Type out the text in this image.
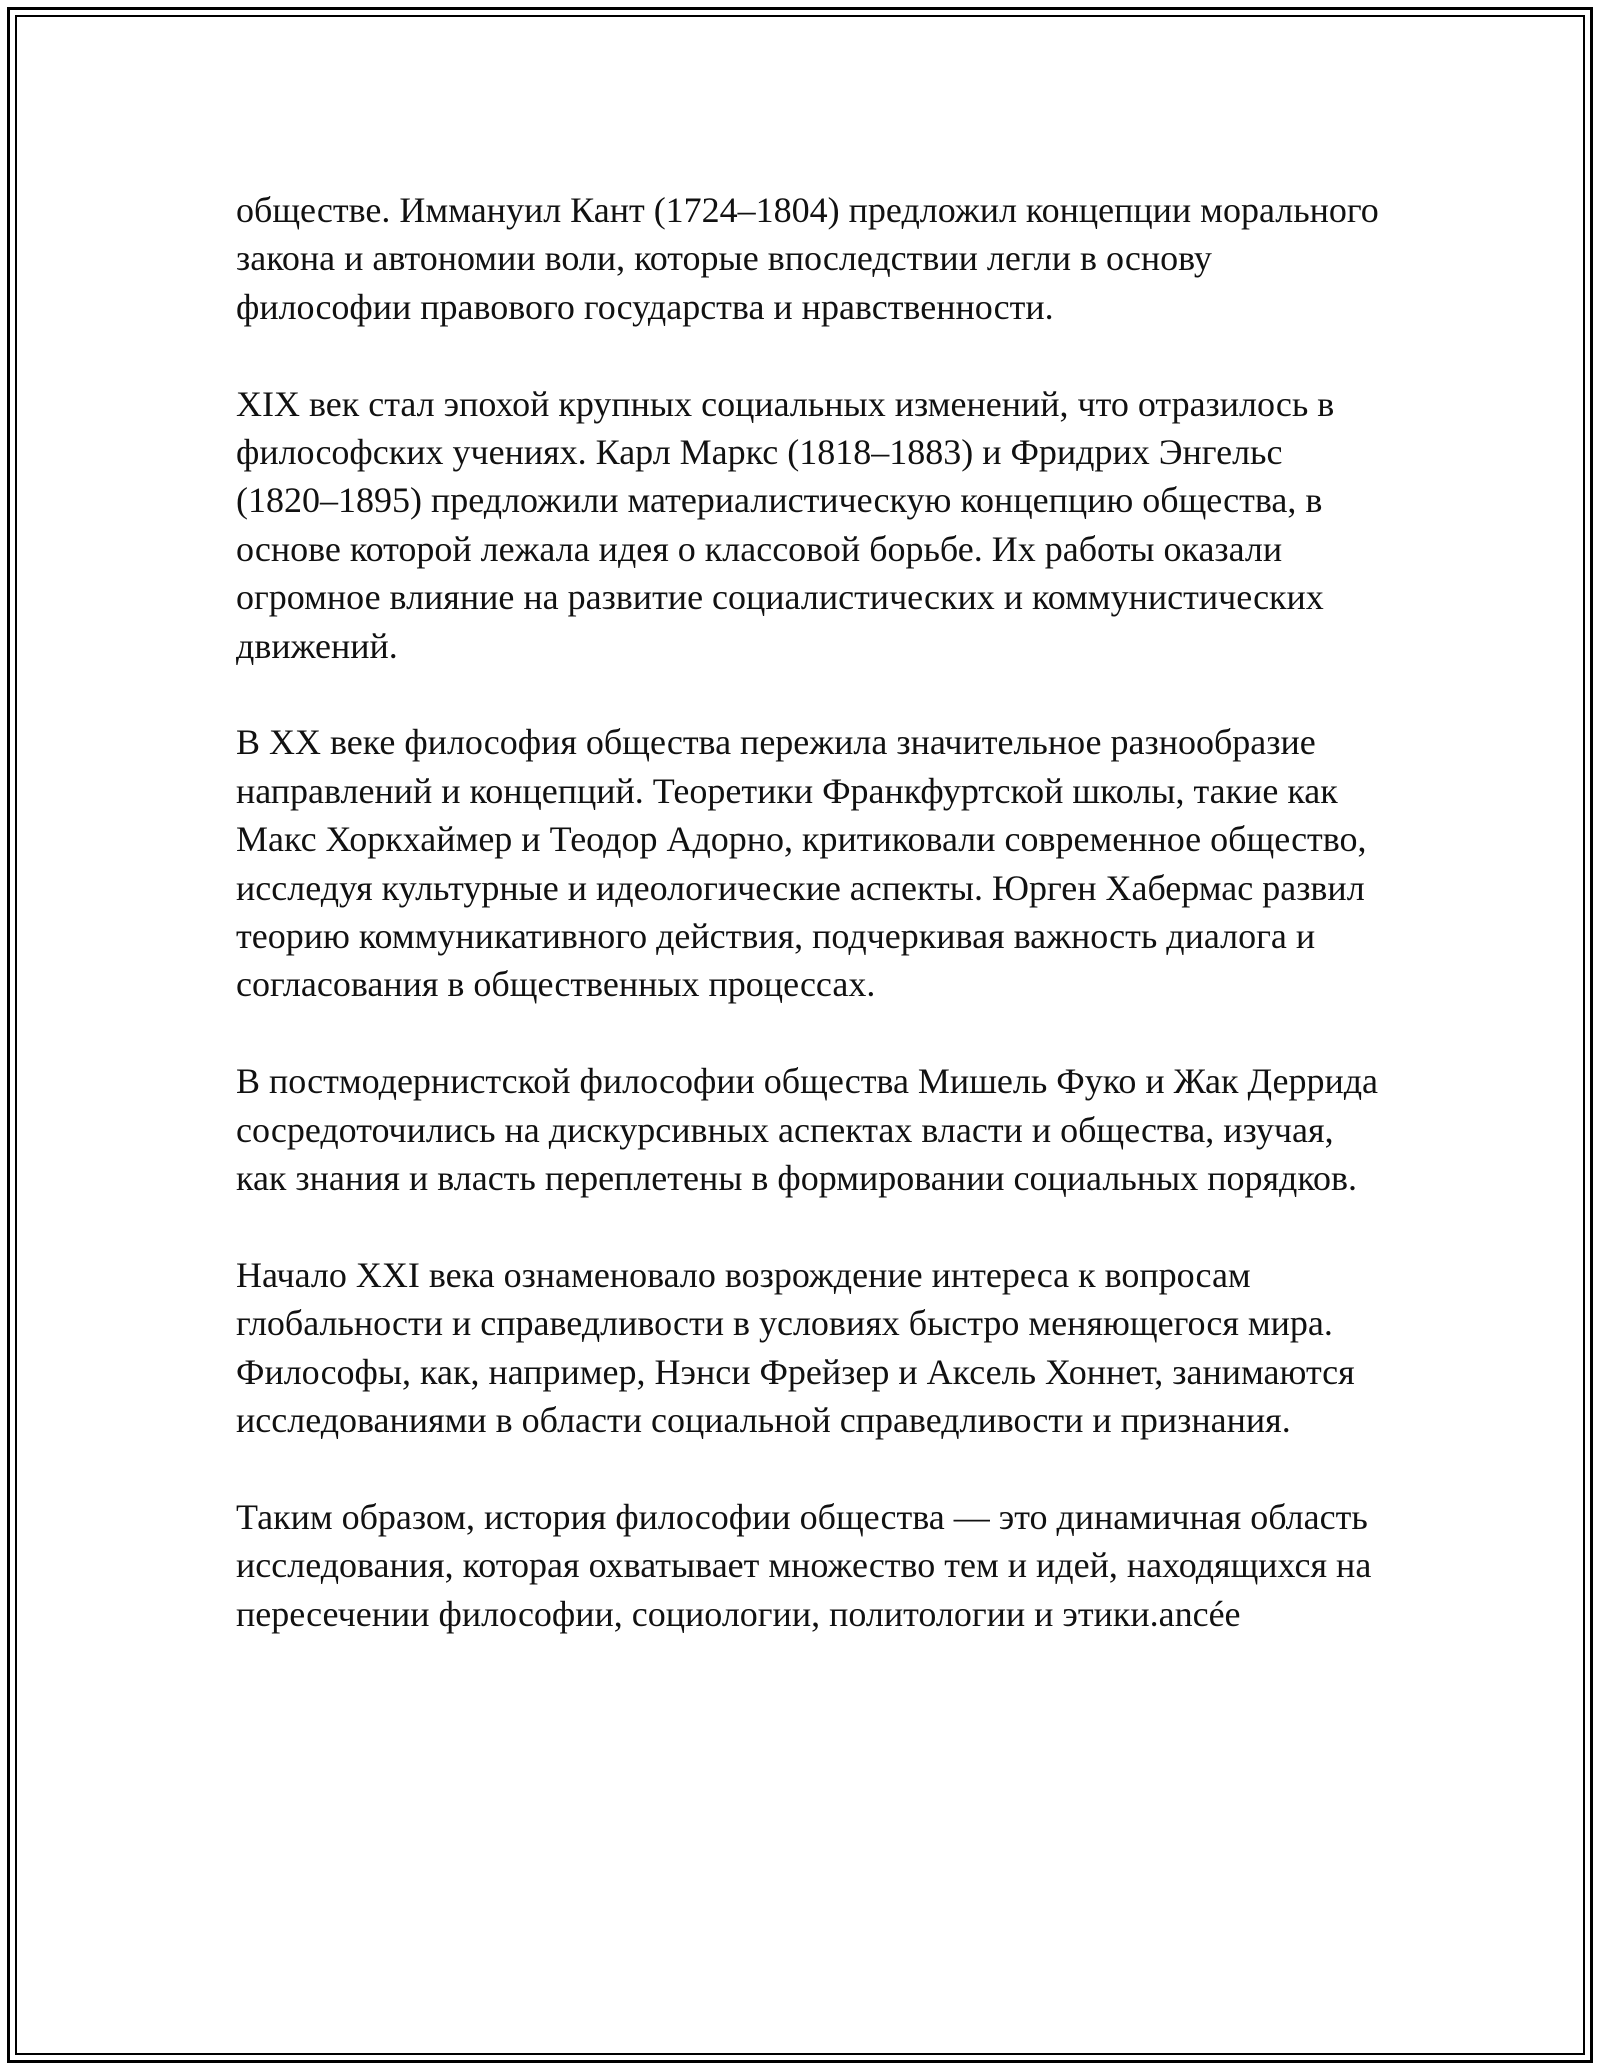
обществе. Иммануил Кант (1724–1804) предложил концепции морального закона и автономии воли, которые впоследствии легли в основу философии правового государства и нравственности.

XIX век стал эпохой крупных социальных изменений, что отразилось в философских учениях. Карл Маркс (1818–1883) и Фридрих Энгельс (1820–1895) предложили материалистическую концепцию общества, в основе которой лежала идея о классовой борьбе. Их работы оказали огромное влияние на развитие социалистических и коммунистических движений.

В XX веке философия общества пережила значительное разнообразие направлений и концепций. Теоретики Франкфуртской школы, такие как Макс Хоркхаймер и Теодор Адорно, критиковали современное общество, исследуя культурные и идеологические аспекты. Юрген Хабермас развил теорию коммуникативного действия, подчеркивая важность диалога и согласования в общественных процессах.

В постмодернистской философии общества Мишель Фуко и Жак Деррида сосредоточились на дискурсивных аспектах власти и общества, изучая, как знания и власть переплетены в формировании социальных порядков.

Начало XXI века ознаменовало возрождение интереса к вопросам глобальности и справедливости в условиях быстро меняющегося мира. Философы, как, например, Нэнси Фрейзер и Аксель Хоннет, занимаются исследованиями в области социальной справедливости и признания.

Таким образом, история философии общества — это динамичная область исследования, которая охватывает множество тем и идей, находящихся на пересечении философии, социологии, политологии и этики.ancée
